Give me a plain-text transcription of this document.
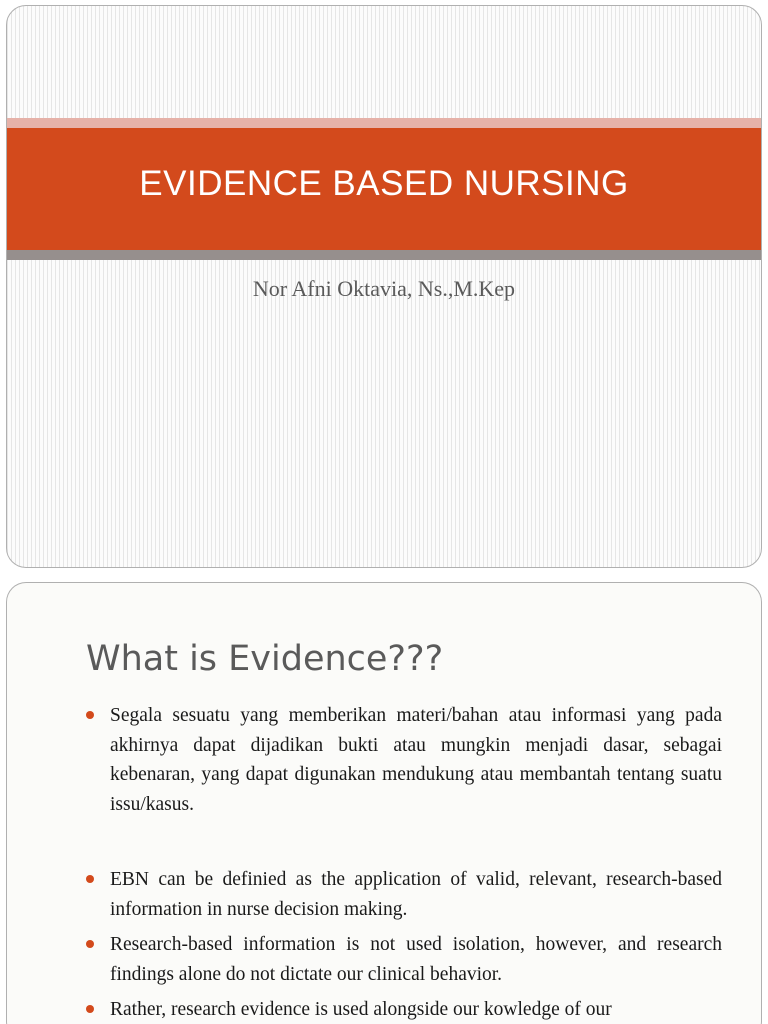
EVIDENCE BASED NURSING
Nor Afni Oktavia, Ns.,M.Kep
What is Evidence???
Segala sesuatu yang memberikan materi/bahan atau informasi yang pada akhirnya dapat dijadikan bukti atau mungkin menjadi dasar, sebagai kebenaran, yang dapat digunakan mendukung atau membantah tentang suatu issu/kasus.
EBN can be definied as the application of valid, relevant, research-based information in nurse decision making.
Research-based information is not used isolation, however, and research findings alone do not dictate our clinical behavior.
Rather, research evidence is used alongside our kowledge of our
